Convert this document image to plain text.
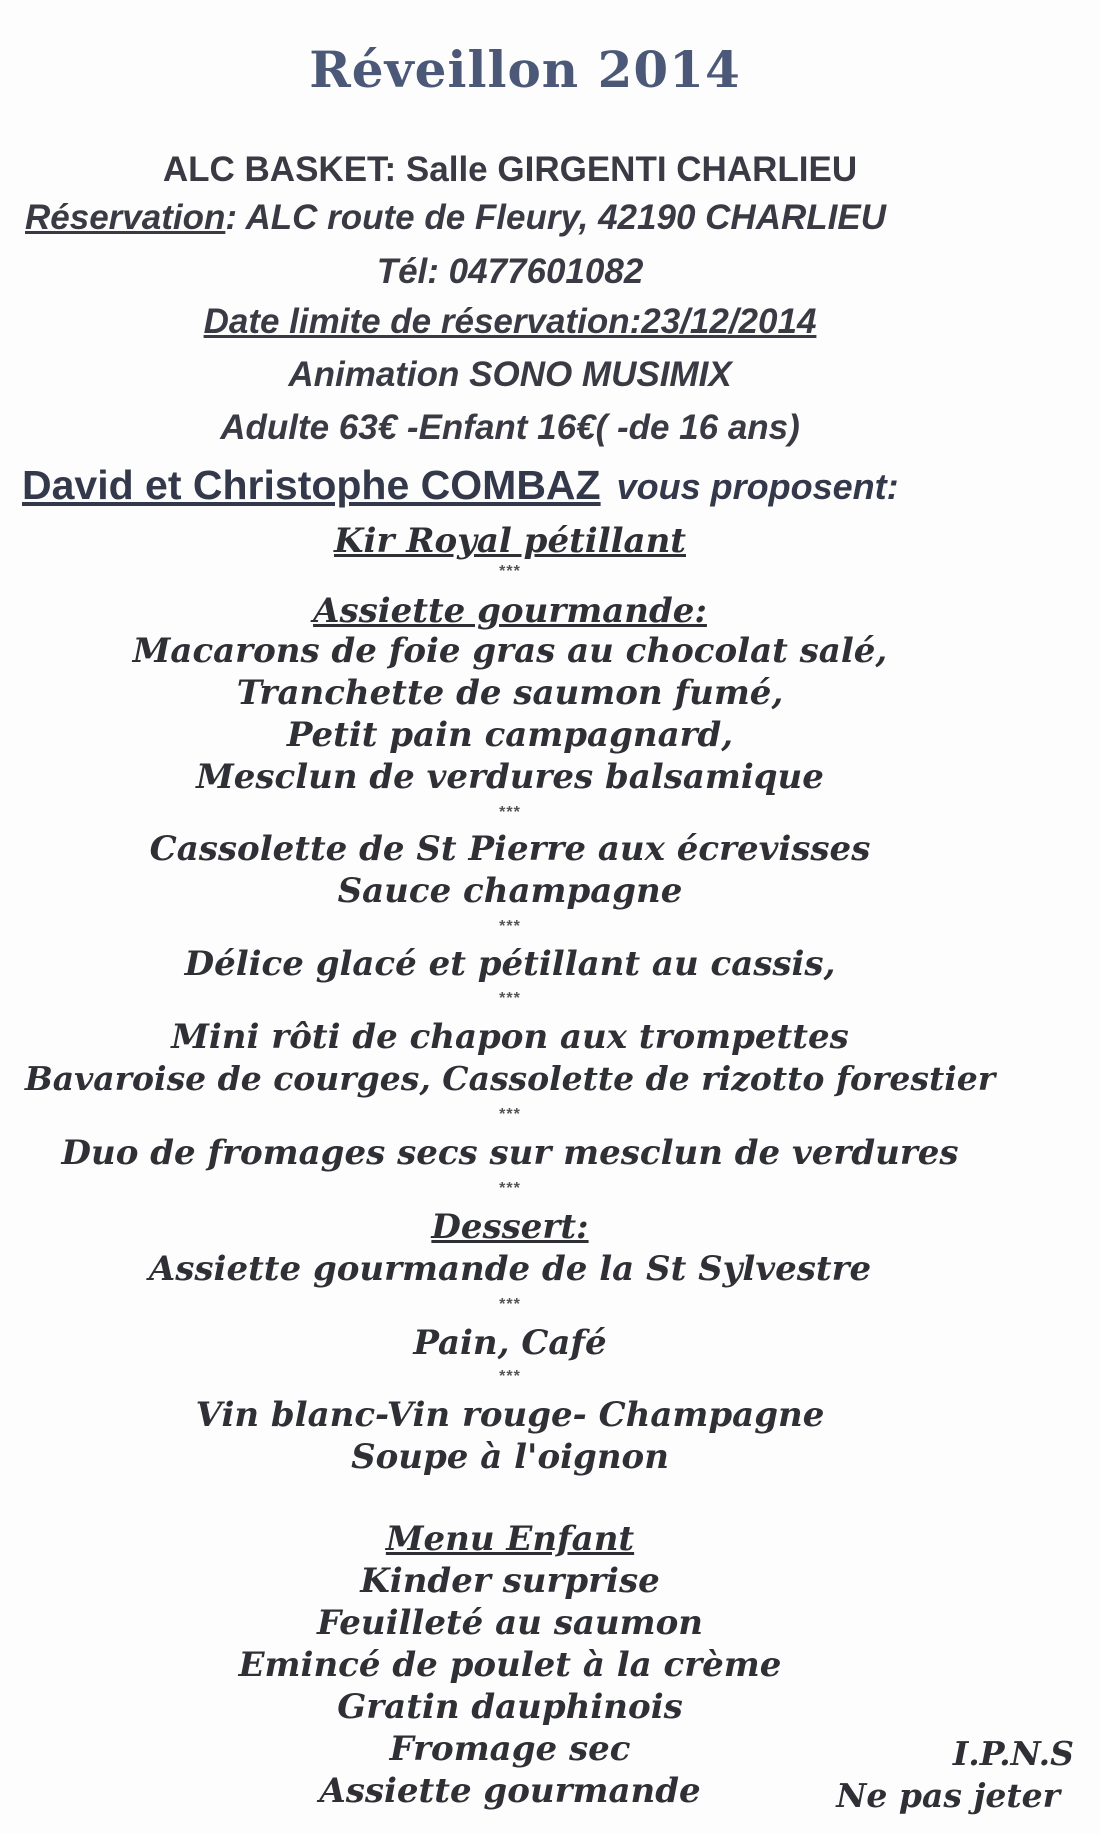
Réveillon 2014
ALC BASKET: Salle GIRGENTI CHARLIEU
Réservation: ALC route de Fleury, 42190 CHARLIEU
Tél: 0477601082
Date limite de réservation:23/12/2014
Animation SONO MUSIMIX
Adulte 63€ -Enfant 16€( -de 16 ans)
David et Christophe COMBAZ vous proposent:
Kir Royal pétillant
***
Assiette gourmande:
Macarons de foie gras au chocolat salé,
Tranchette de saumon fumé,
Petit pain campagnard,
Mesclun de verdures balsamique
***
Cassolette de St Pierre aux écrevisses
Sauce champagne
***
Délice glacé et pétillant au cassis,
***
Mini rôti de chapon aux trompettes
Bavaroise de courges, Cassolette de rizotto forestier
***
Duo de fromages secs sur mesclun de verdures
***
Dessert:
Assiette gourmande de la St Sylvestre
***
Pain, Café
***
Vin blanc-Vin rouge- Champagne
Soupe à l'oignon
Menu Enfant
Kinder surprise
Feuilleté au saumon
Emincé de poulet à la crème
Gratin dauphinois
Fromage sec
Assiette gourmande
I.P.N.S
Ne pas jeter
